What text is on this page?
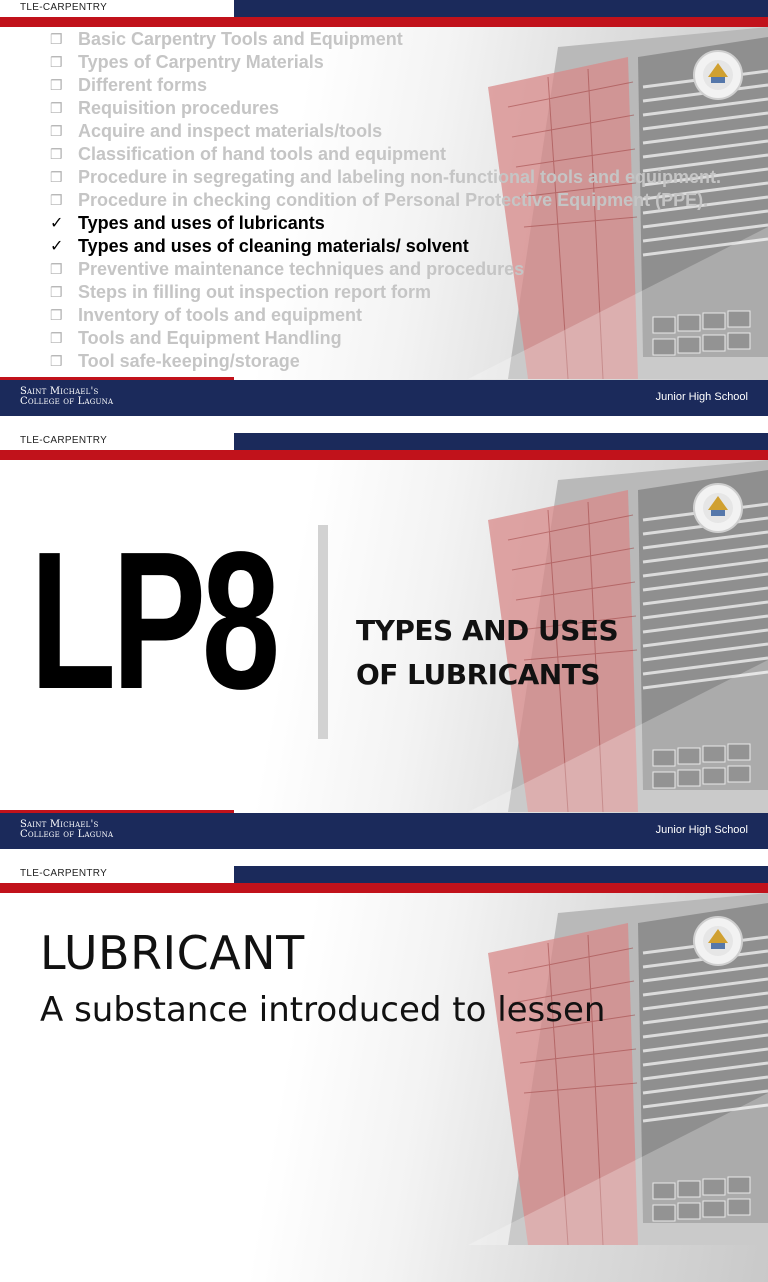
TLE-CARPENTRY
❒ Basic Carpentry Tools and Equipment
❒ Types of Carpentry Materials
❒ Different forms
❒ Requisition procedures
❒ Acquire and inspect materials/tools
❒ Classification of hand tools and equipment
❒ Procedure in segregating and labeling non-functional tools and equipment.
❒ Procedure in checking condition of Personal Protective Equipment (PPE).
✓ Types and uses of lubricants
✓ Types and uses of cleaning materials/ solvent
❒ Preventive maintenance techniques and procedures
❒ Steps in filling out inspection report form
❒ Inventory of tools and equipment
❒ Tools and Equipment Handling
❒ Tool safe-keeping/storage
Saint Michael's
College of Laguna	Junior High School
TLE-CARPENTRY
LP8	TYPES AND USES
OF LUBRICANTS
Saint Michael's
College of Laguna	Junior High School
TLE-CARPENTRY
LUBRICANT
A substance introduced to lessen
